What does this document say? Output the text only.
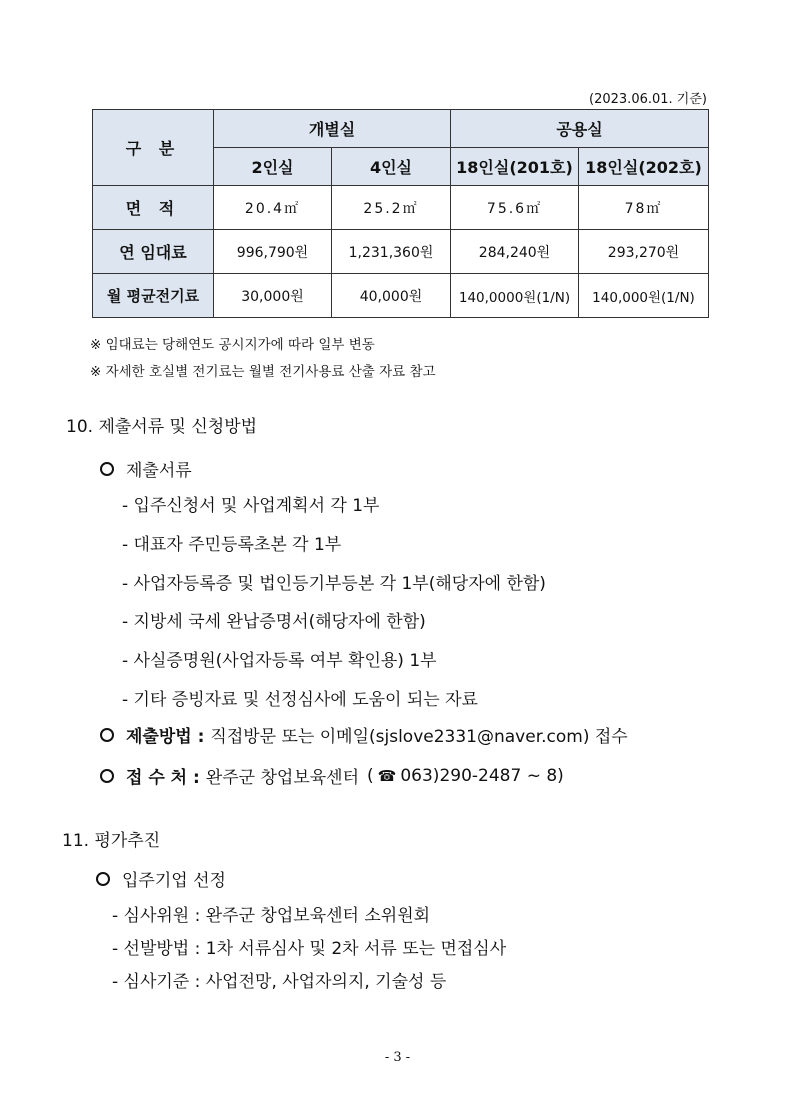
(2023.06.01. 기준)
구 분	개별실		공용실	
	2인실	4인실	18인실(201호)	18인실(202호)
면 적	20.4㎡	25.2㎡	75.6㎡	78㎡
연 임대료	996,790원	1,231,360원	284,240원	293,270원
월 평균전기료	30,000원	40,000원	140,0000원(1/N)	140,000원(1/N)
※ 임대료는 당해연도 공시지가에 따라 일부 변동
※ 자세한 호실별 전기료는 월별 전기사용료 산출 자료 참고
10. 제출서류 및 신청방법
제출서류
- 입주신청서 및 사업계획서 각 1부
- 대표자 주민등록초본 각 1부
- 사업자등록증 및 법인등기부등본 각 1부(해당자에 한함)
- 지방세 국세 완납증명서(해당자에 한함)
- 사실증명원(사업자등록 여부 확인용) 1부
- 기타 증빙자료 및 선정심사에 도움이 되는 자료
제출방법 : 직접방문 또는 이메일(sjslove2331@naver.com) 접수
접 수 처 : 완주군 창업보육센터 ( ☎ 063)290-2487 ~ 8)
11. 평가추진
입주기업 선정
- 심사위원 : 완주군 창업보육센터 소위원회
- 선발방법 : 1차 서류심사 및 2차 서류 또는 면접심사
- 심사기준 : 사업전망, 사업자의지, 기술성 등
- 3 -
